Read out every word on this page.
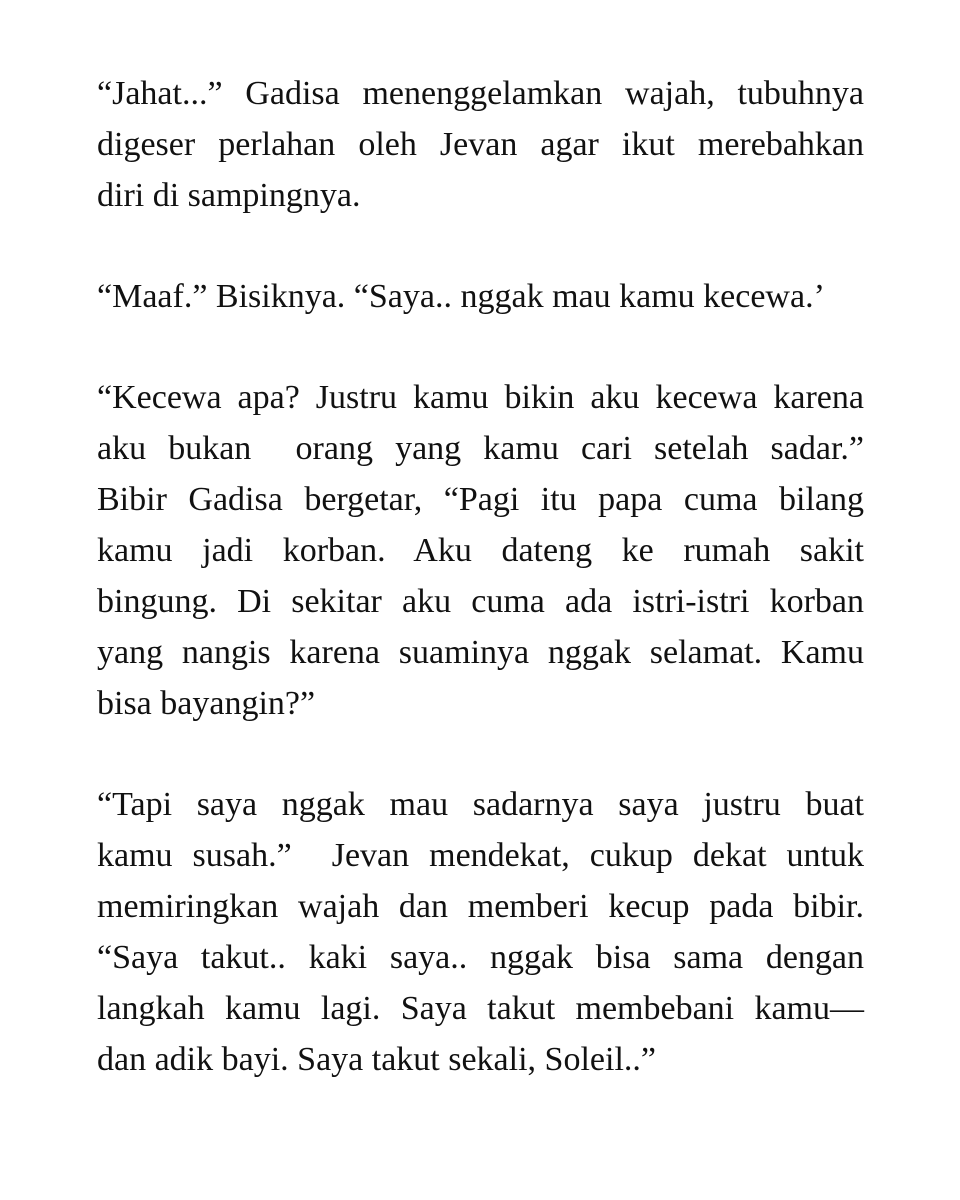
“Jahat...” Gadisa menenggelamkan wajah, tubuhnya
digeser perlahan oleh Jevan agar ikut merebahkan
diri di sampingnya.

“Maaf.” Bisiknya. “Saya.. nggak mau kamu kecewa.’

“Kecewa apa? Justru kamu bikin aku kecewa karena
aku bukan  orang yang kamu cari setelah sadar.”
Bibir Gadisa bergetar, “Pagi itu papa cuma bilang
kamu jadi korban. Aku dateng ke rumah sakit
bingung. Di sekitar aku cuma ada istri-istri korban
yang nangis karena suaminya nggak selamat. Kamu
bisa bayangin?”

“Tapi saya nggak mau sadarnya saya justru buat
kamu susah.”  Jevan mendekat, cukup dekat untuk
memiringkan wajah dan memberi kecup pada bibir.
“Saya takut.. kaki saya.. nggak bisa sama dengan
langkah kamu lagi. Saya takut membebani kamu—
dan adik bayi. Saya takut sekali, Soleil..”
